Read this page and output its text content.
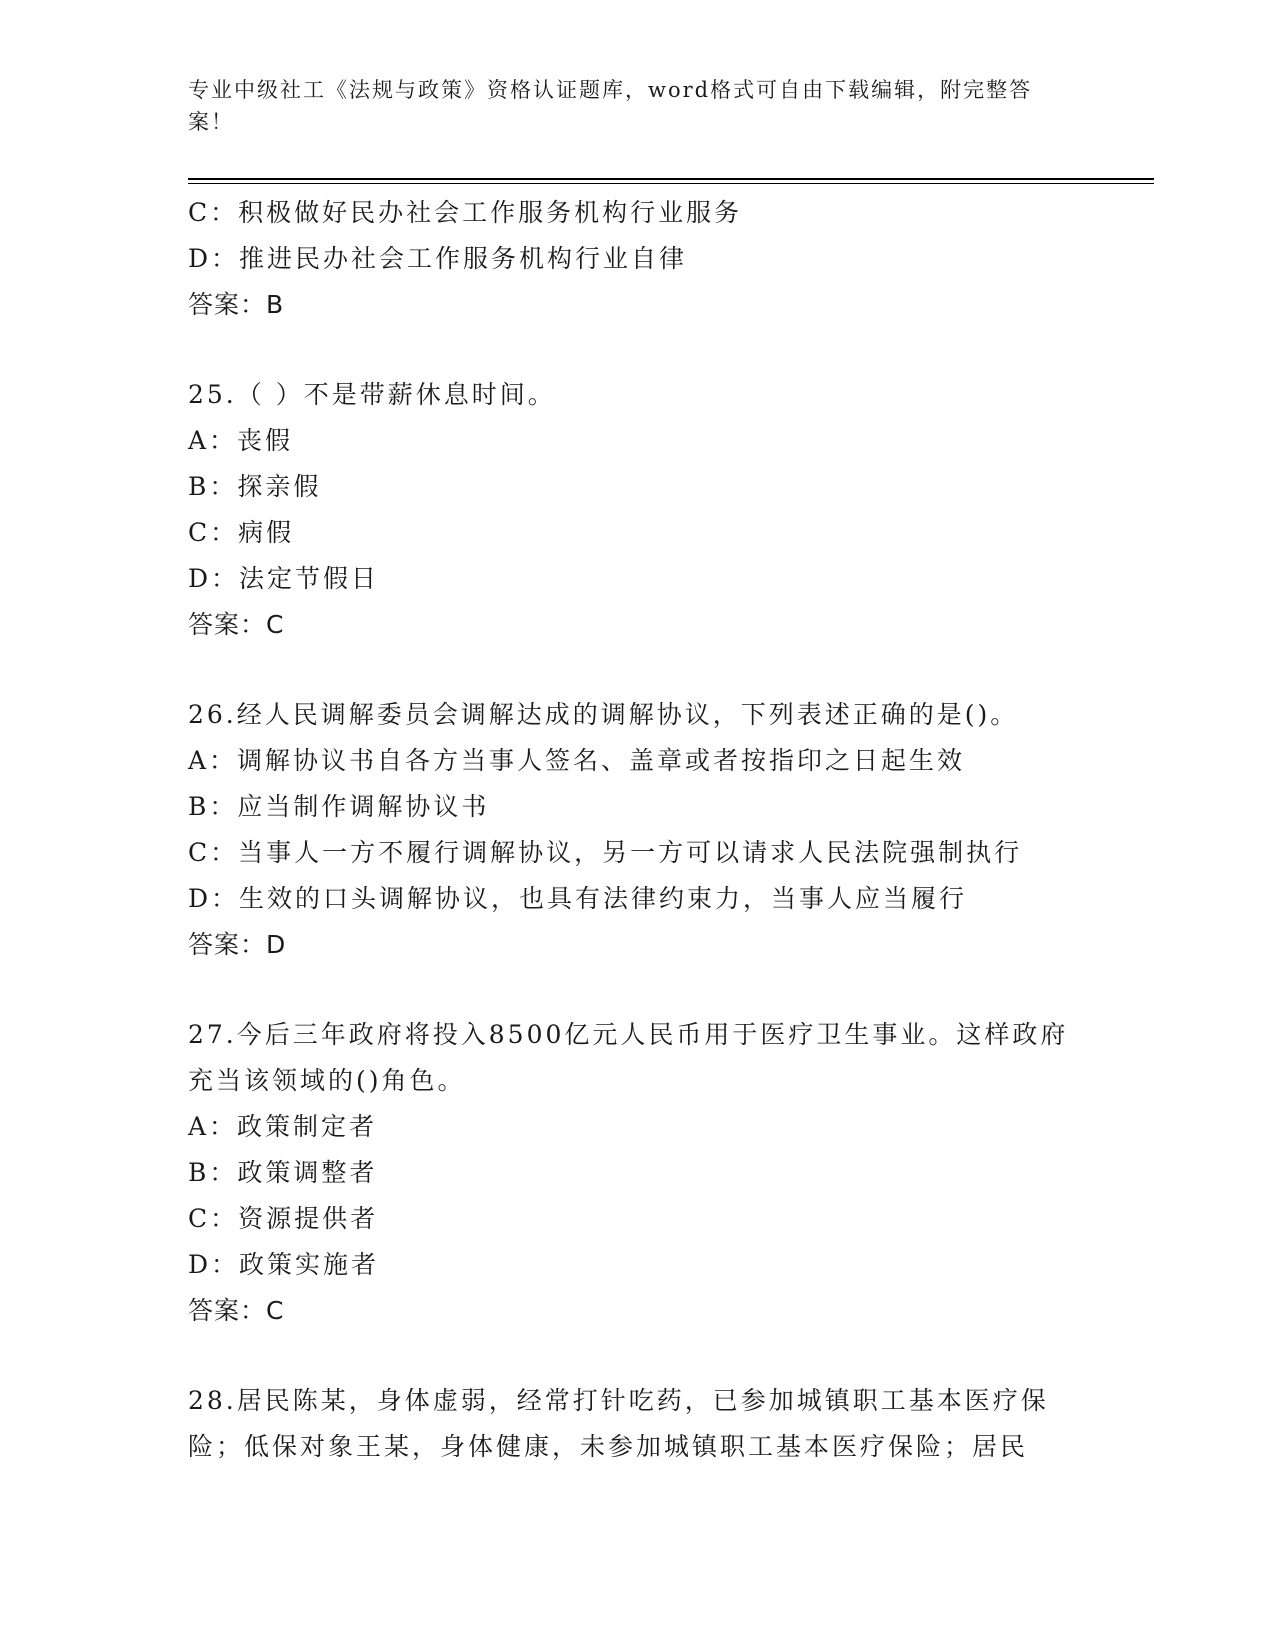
专业中级社工《法规与政策》资格认证题库，word格式可自由下载编辑，附完整答案！
C：积极做好民办社会工作服务机构行业服务
D：推进民办社会工作服务机构行业自律
答案：B
25.（ ）不是带薪休息时间。
A：丧假
B：探亲假
C：病假
D：法定节假日
答案：C
26.经人民调解委员会调解达成的调解协议，下列表述正确的是()。
A：调解协议书自各方当事人签名、盖章或者按指印之日起生效
B：应当制作调解协议书
C：当事人一方不履行调解协议，另一方可以请求人民法院强制执行
D：生效的口头调解协议，也具有法律约束力，当事人应当履行
答案：D
27.今后三年政府将投入8500亿元人民币用于医疗卫生事业。这样政府充当该领域的()角色。
A：政策制定者
B：政策调整者
C：资源提供者
D：政策实施者
答案：C
28.居民陈某，身体虚弱，经常打针吃药，已参加城镇职工基本医疗保险；低保对象王某，身体健康，未参加城镇职工基本医疗保险；居民
